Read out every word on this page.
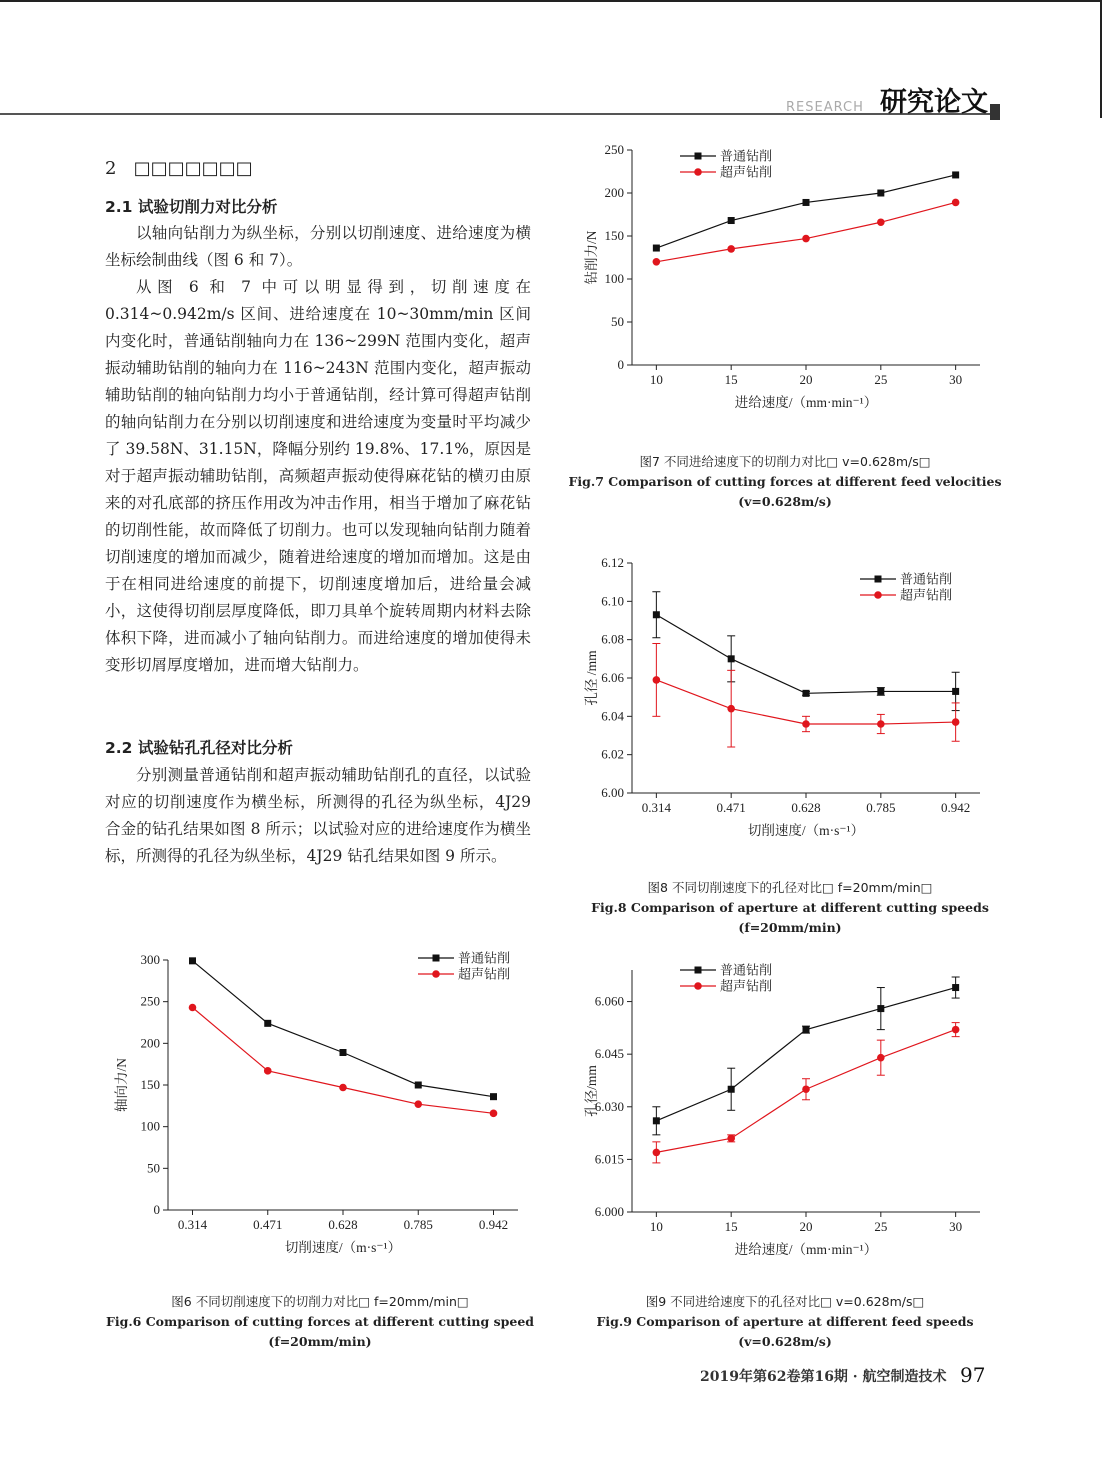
RESEARCH 研究论文
2 □□□□□□□
2.1 试验切削力对比分析

以轴向钻削力为纵坐标，分别以切削速度、进给速度为横坐标绘制曲线（图 6 和 7）。

从图 6 和 7 中可以明显得到，切削速度在 0.314~0.942m/s 区间、进给速度在 10~30mm/min 区间内变化时，普通钻削轴向力在 136~299N 范围内变化，超声振动辅助钻削的轴向力在 116~243N 范围内变化，超声振动辅助钻削的轴向钻削力均小于普通钻削，经计算可得超声钻削的轴向钻削力在分别以切削速度和进给速度为变量时平均减少了 39.58N、31.15N，降幅分别约 19.8%、17.1%，原因是对于超声振动辅助钻削，高频超声振动使得麻花钻的横刃由原来的对孔底部的挤压作用改为冲击作用，相当于增加了麻花钻的切削性能，故而降低了切削力。也可以发现轴向钻削力随着切削速度的增加而减少，随着进给速度的增加而增加。这是由于在相同进给速度的前提下，切削速度增加后，进给量会减小，这使得切削层厚度降低，即刀具单个旋转周期内材料去除体积下降，进而减小了轴向钻削力。而进给速度的增加使得未变形切屑厚度增加，进而增大钻削力。

2.2 试验钻孔孔径对比分析

分别测量普通钻削和超声振动辅助钻削孔的直径，以试验对应的切削速度作为横坐标，所测得的孔径为纵坐标，4J29 合金的钻孔结果如图 8 所示；以试验对应的进给速度作为横坐标，所测得的孔径为纵坐标，4J29 钻孔结果如图 9 所示。

0
50
100
150
200
250
10	15	20	25	30
进给速度/（mm·min⁻¹）
钻削力/N
普通钻削
超声钻削
6.00
6.02
6.04
6.06
6.08
6.10
6.12
0.314	0.471	0.628	0.785	0.942
切削速度/（m·s⁻¹）
孔径 /mm
普通钻削
超声钻削
0
50
100
150
200
250
300
0.314	0.471	0.628	0.785	0.942
切削速度/（m·s⁻¹）
轴向力/N
普通钻削
超声钻削
6.000
6.015
6.030
6.045
6.060
10	15	20	25	30
进给速度/（mm·min⁻¹）
孔径/mm
普通钻削
超声钻削
图7 不同进给速度下的切削力对比□ v=0.628m/s□
Fig.7 Comparison of cutting forces at different feed velocities
(v=0.628m/s)
图8 不同切削速度下的孔径对比□ f=20mm/min□
Fig.8 Comparison of aperture at different cutting speeds (f=20mm/min)
图6 不同切削速度下的切削力对比□ f=20mm/min□
Fig.6 Comparison of cutting forces at different cutting speed
(f=20mm/min)
图9 不同进给速度下的孔径对比□ v=0.628m/s□
Fig.9 Comparison of aperture at different feed speeds
(v=0.628m/s)
2019年第62卷第16期 · 航空制造技术 97
